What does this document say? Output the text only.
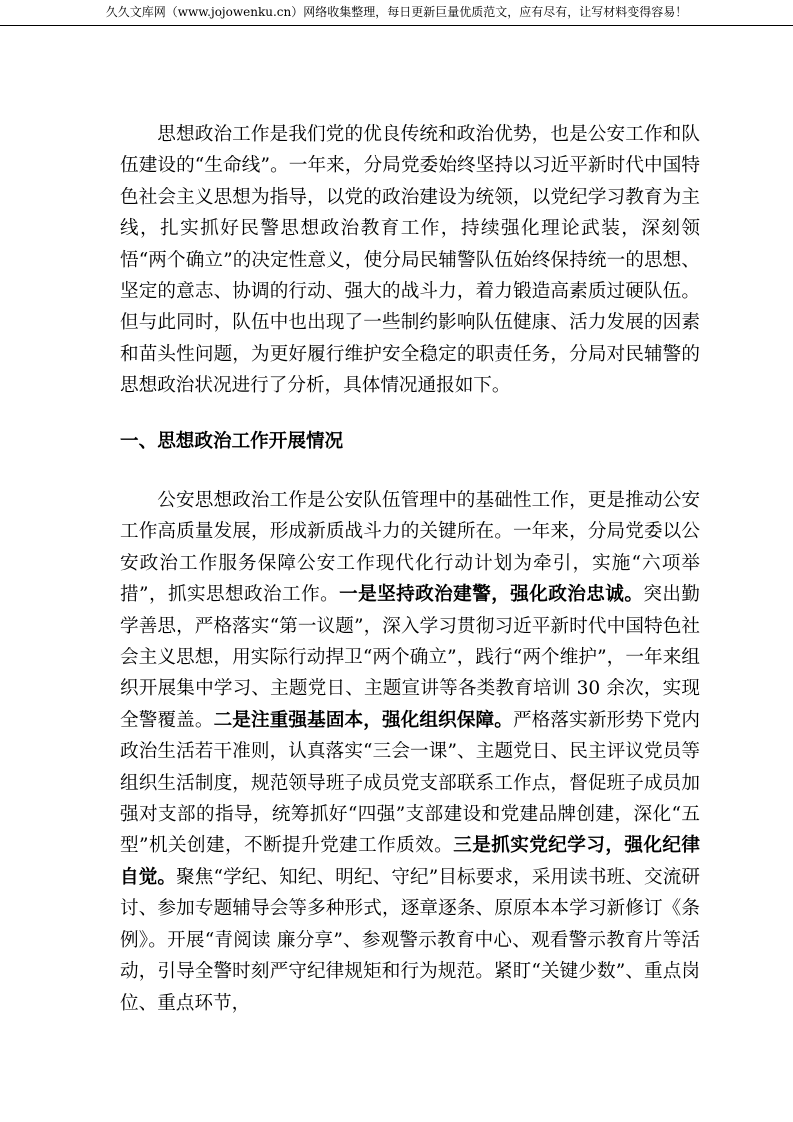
久久文库网（www.jojowenku.cn）网络收集整理，每日更新巨量优质范文，应有尽有，让写材料变得容易！

思想政治工作是我们党的优良传统和政治优势，也是公安工作和队伍建设的“生命线”。一年来，分局党委始终坚持以习近平新时代中国特色社会主义思想为指导，以党的政治建设为统领，以党纪学习教育为主线，扎实抓好民警思想政治教育工作，持续强化理论武装，深刻领悟“两个确立”的决定性意义，使分局民辅警队伍始终保持统一的思想、坚定的意志、协调的行动、强大的战斗力，着力锻造高素质过硬队伍。但与此同时，队伍中也出现了一些制约影响队伍健康、活力发展的因素和苗头性问题，为更好履行维护安全稳定的职责任务，分局对民辅警的思想政治状况进行了分析，具体情况通报如下。

一、思想政治工作开展情况

公安思想政治工作是公安队伍管理中的基础性工作，更是推动公安工作高质量发展，形成新质战斗力的关键所在。一年来，分局党委以公安政治工作服务保障公安工作现代化行动计划为牵引，实施“六项举措”，抓实思想政治工作。一是坚持政治建警，强化政治忠诚。突出勤学善思，严格落实“第一议题”，深入学习贯彻习近平新时代中国特色社会主义思想，用实际行动捍卫“两个确立”，践行“两个维护”，一年来组织开展集中学习、主题党日、主题宣讲等各类教育培训 30 余次，实现全警覆盖。二是注重强基固本，强化组织保障。严格落实新形势下党内政治生活若干准则，认真落实“三会一课”、主题党日、民主评议党员等组织生活制度，规范领导班子成员党支部联系工作点，督促班子成员加强对支部的指导，统筹抓好“四强”支部建设和党建品牌创建，深化“五型”机关创建，不断提升党建工作质效。三是抓实党纪学习，强化纪律自觉。聚焦“学纪、知纪、明纪、守纪”目标要求，采用读书班、交流研讨、参加专题辅导会等多种形式，逐章逐条、原原本本学习新修订《条例》。开展“青阅读 廉分享”、参观警示教育中心、观看警示教育片等活动，引导全警时刻严守纪律规矩和行为规范。紧盯“关键少数”、重点岗位、重点环节，
